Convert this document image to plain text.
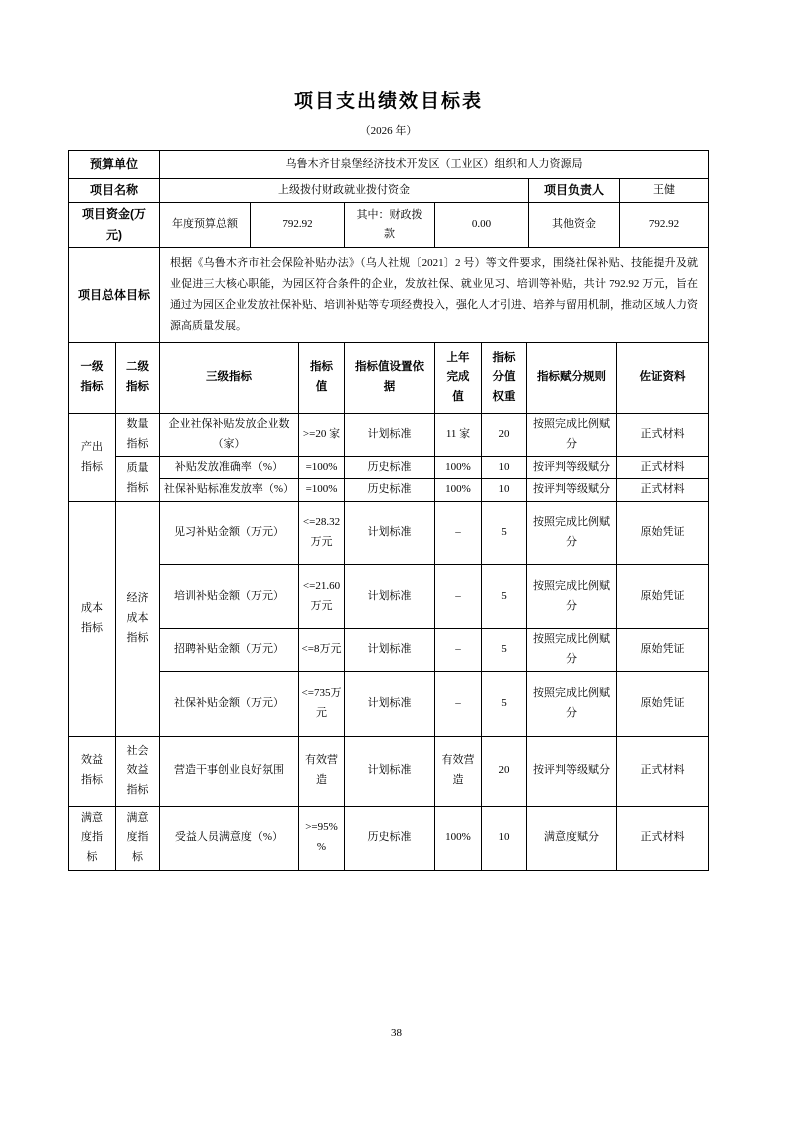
项目支出绩效目标表
（2026 年）
预算单位	乌鲁木齐甘泉堡经济技术开发区（工业区）组织和人力资源局					
项目名称	上级拨付财政就业拨付资金				项目负责人	王健
项目资金(万元)	年度预算总额	792.92	其中：财政拨款	0.00	其他资金	792.92
项目总体目标	根据《乌鲁木齐市社会保险补贴办法》（乌人社规〔2021〕2 号）等文件要求，围绕社保补贴、技能提升及就业促进三大核心职能，为园区符合条件的企业，发放社保、就业见习、培训等补贴，共计 792.92 万元，旨在通过为园区企业发放社保补贴、培训补贴等专项经费投入，强化人才引进、培养与留用机制，推动区域人力资源高质量发展。					
一级指标	二级指标	三级指标	指标值	指标值设置依据	上年完成值	指标分值权重	指标赋分规则	佐证资料
产出指标	数量指标	企业社保补贴发放企业数（家）	>=20 家	计划标准	11 家	20	按照完成比例赋分	正式材料
	质量指标	补贴发放准确率（%）	=100%	历史标准	100%	10	按评判等级赋分	正式材料
		社保补贴标准发放率（%）	=100%	历史标准	100%	10	按评判等级赋分	正式材料
成本指标	经济成本指标	见习补贴金额（万元）	<=28.32万元	计划标准	–	5	按照完成比例赋分	原始凭证
		培训补贴金额（万元）	<=21.60万元	计划标准	–	5	按照完成比例赋分	原始凭证
		招聘补贴金额（万元）	<=8万元	计划标准	–	5	按照完成比例赋分	原始凭证
		社保补贴金额（万元）	<=735万元	计划标准	–	5	按照完成比例赋分	原始凭证
效益指标	社会效益指标	营造干事创业良好氛围	有效营造	计划标准	有效营造	20	按评判等级赋分	正式材料
满意度指标	满意度指标	受益人员满意度（%）	>=95%%	历史标准	100%	10	满意度赋分	正式材料
38
